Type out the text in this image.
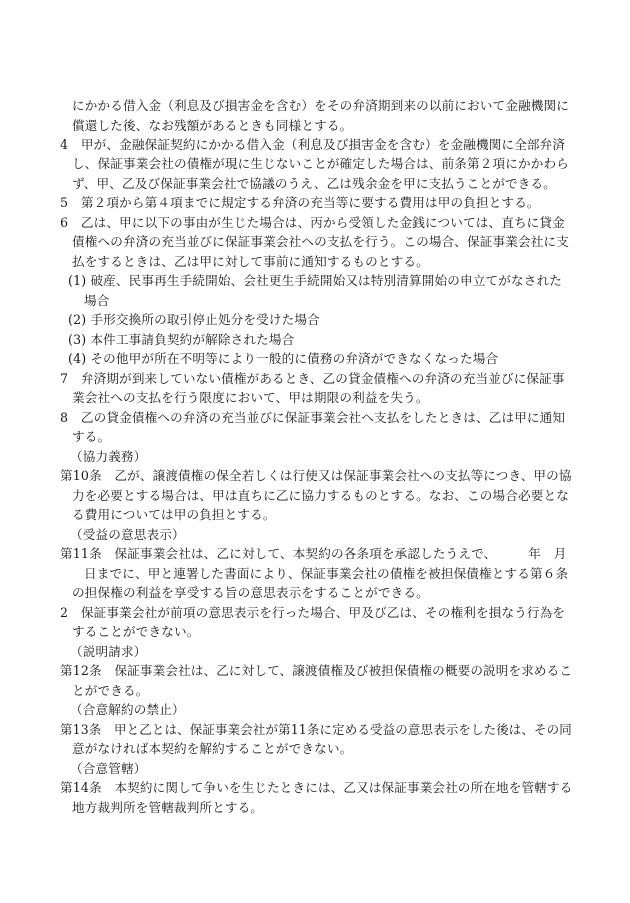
にかかる借入金（利息及び損害金を含む）をその弁済期到来の以前において金融機関に
償還した後、なお残額があるときも同様とする。
4　甲が、金融保証契約にかかる借入金（利息及び損害金を含む）を金融機関に全部弁済
し、保証事業会社の債権が現に生じないことが確定した場合は、前条第２項にかかわら
ず、甲、乙及び保証事業会社で協議のうえ、乙は残余金を甲に支払うことができる。
5　第２項から第４項までに規定する弁済の充当等に要する費用は甲の負担とする。
6　乙は、甲に以下の事由が生じた場合は、丙から受領した金銭については、直ちに貸金
債権への弁済の充当並びに保証事業会社への支払を行う。この場合、保証事業会社に支
払をするときは、乙は甲に対して事前に通知するものとする。
(1) 破産、民事再生手続開始、会社更生手続開始又は特別清算開始の申立てがなされた
場合
(2) 手形交換所の取引停止処分を受けた場合
(3) 本件工事請負契約が解除された場合
(4) その他甲が所在不明等により一般的に債務の弁済ができなくなった場合
7　弁済期が到来していない債権があるとき、乙の貸金債権への弁済の充当並びに保証事
業会社への支払を行う限度において、甲は期限の利益を失う。
8　乙の貸金債権への弁済の充当並びに保証事業会社へ支払をしたときは、乙は甲に通知
する。
（協力義務）
第10条　乙が、譲渡債権の保全若しくは行使又は保証事業会社への支払等につき、甲の協
力を必要とする場合は、甲は直ちに乙に協力するものとする。なお、この場合必要とな
る費用については甲の負担とする。
（受益の意思表示）
第11条　保証事業会社は、乙に対して、本契約の各条項を承認したうえで、　　　年　月
日までに、甲と連署した書面により、保証事業会社の債権を被担保債権とする第６条
の担保権の利益を享受する旨の意思表示をすることができる。
2　保証事業会社が前項の意思表示を行った場合、甲及び乙は、その権利を損なう行為を
することができない。
（説明請求）
第12条　保証事業会社は、乙に対して、譲渡債権及び被担保債権の概要の説明を求めるこ
とができる。
（合意解約の禁止）
第13条　甲と乙とは、保証事業会社が第11条に定める受益の意思表示をした後は、その同
意がなければ本契約を解約することができない。
（合意管轄）
第14条　本契約に関して争いを生じたときには、乙又は保証事業会社の所在地を管轄する
地方裁判所を管轄裁判所とする。
